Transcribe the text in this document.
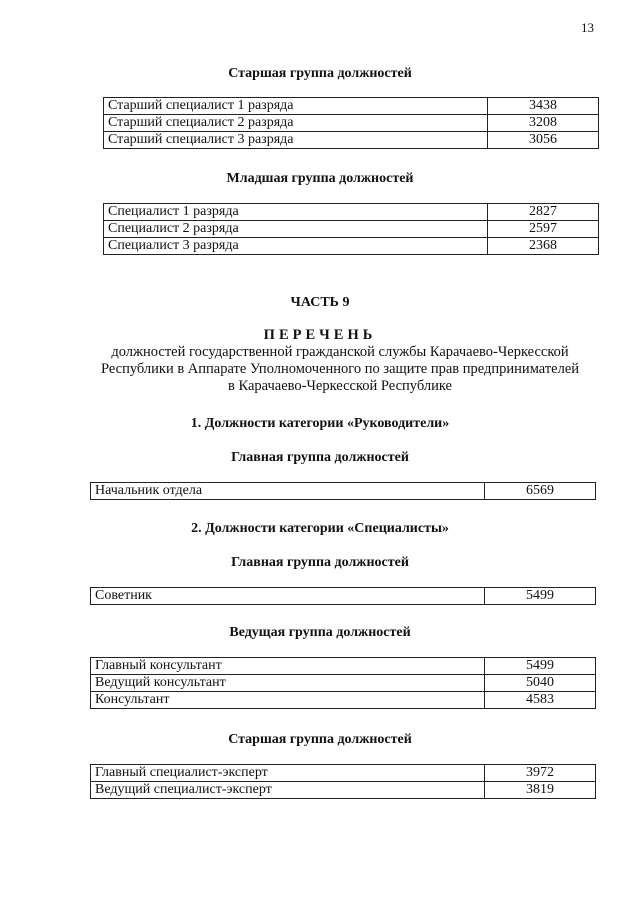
13
Старшая группа должностей
Старший специалист 1 разряда	3438
Старший специалист 2 разряда	3208
Старший специалист 3 разряда	3056
Младшая группа должностей
Специалист 1 разряда	2827
Специалист 2 разряда	2597
Специалист 3 разряда	2368
ЧАСТЬ 9
ПЕРЕЧЕНЬ
должностей государственной гражданской службы Карачаево-Черкесской
Республики в Аппарате Уполномоченного по защите прав предпринимателей
в Карачаево-Черкесской Республике
1. Должности категории «Руководители»
Главная группа должностей
Начальник отдела	6569
2. Должности категории «Специалисты»
Главная группа должностей
Советник	5499
Ведущая группа должностей
Главный консультант	5499
Ведущий консультант	5040
Консультант	4583
Старшая группа должностей
Главный специалист-эксперт	3972
Ведущий специалист-эксперт	3819
